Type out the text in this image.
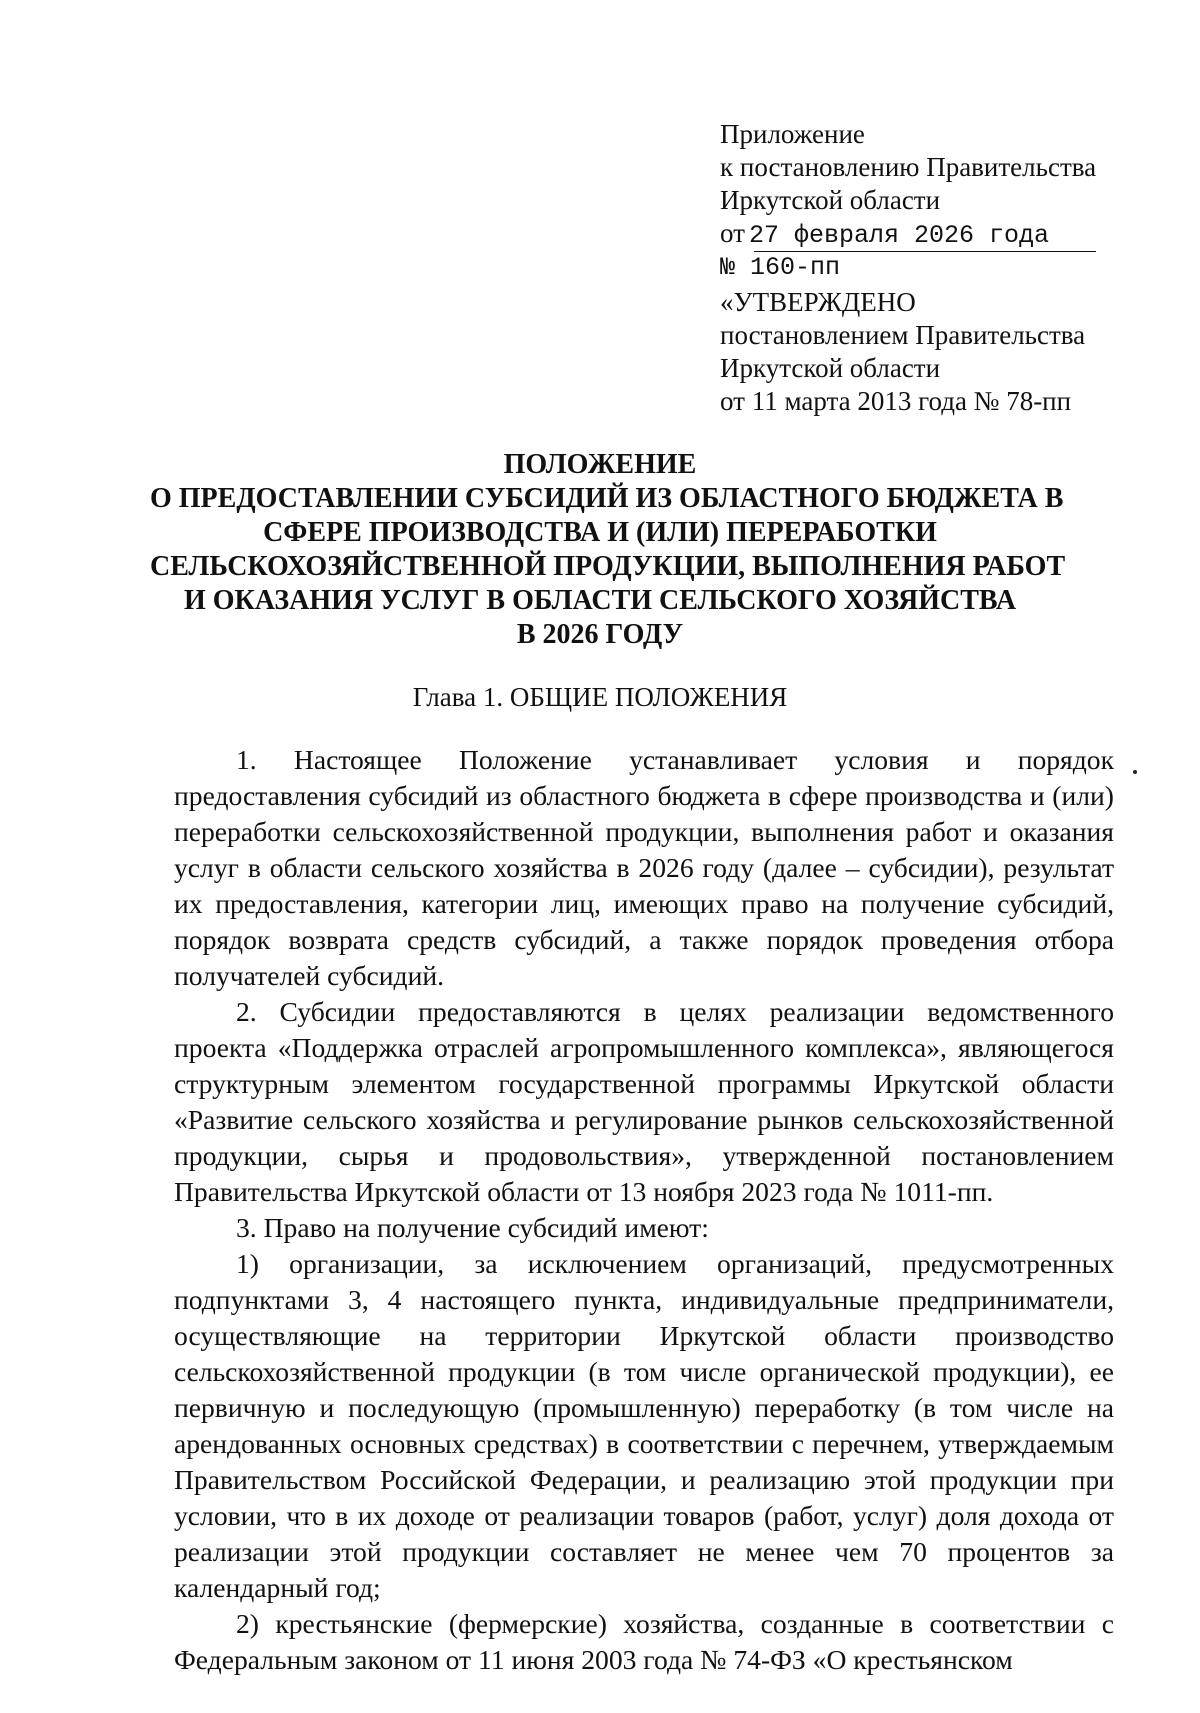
Приложение
к постановлению Правительства
Иркутской области
от 27 февраля 2026 года
№ 160-пп
«УТВЕРЖДЕНО
постановлением Правительства
Иркутской области
от 11 марта 2013 года № 78-пп
ПОЛОЖЕНИЕ
О ПРЕДОСТАВЛЕНИИ СУБСИДИЙ ИЗ ОБЛАСТНОГО БЮДЖЕТА В
СФЕРЕ ПРОИЗВОДСТВА И (ИЛИ) ПЕРЕРАБОТКИ
СЕЛЬСКОХОЗЯЙСТВЕННОЙ ПРОДУКЦИИ, ВЫПОЛНЕНИЯ РАБОТ
И ОКАЗАНИЯ УСЛУГ В ОБЛАСТИ СЕЛЬСКОГО ХОЗЯЙСТВА
В 2026 ГОДУ
Глава 1. ОБЩИЕ ПОЛОЖЕНИЯ

1. Настоящее Положение устанавливает условия и порядок предоставления субсидий из областного бюджета в сфере производства и (или) переработки сельскохозяйственной продукции, выполнения работ и оказания услуг в области сельского хозяйства в 2026 году (далее – субсидии), результат их предоставления, категории лиц, имеющих право на получение субсидий, порядок возврата средств субсидий, а также порядок проведения отбора получателей субсидий.

2. Субсидии предоставляются в целях реализации ведомственного проекта «Поддержка отраслей агропромышленного комплекса», являющегося структурным элементом государственной программы Иркутской области «Развитие сельского хозяйства и регулирование рынков сельскохозяйственной продукции, сырья и продовольствия», утвержденной постановлением Правительства Иркутской области от 13 ноября 2023 года № 1011-пп.

3. Право на получение субсидий имеют:

1) организации, за исключением организаций, предусмотренных подпунктами 3, 4 настоящего пункта, индивидуальные предприниматели, осуществляющие на территории Иркутской области производство сельскохозяйственной продукции (в том числе органической продукции), ее первичную и последующую (промышленную) переработку (в том числе на арендованных основных средствах) в соответствии с перечнем, утверждаемым Правительством Российской Федерации, и реализацию этой продукции при условии, что в их доходе от реализации товаров (работ, услуг) доля дохода от реализации этой продукции составляет не менее чем 70 процентов за календарный год;

2) крестьянские (фермерские) хозяйства, созданные в соответствии с Федеральным законом от 11 июня 2003 года № 74-ФЗ «О крестьянском
